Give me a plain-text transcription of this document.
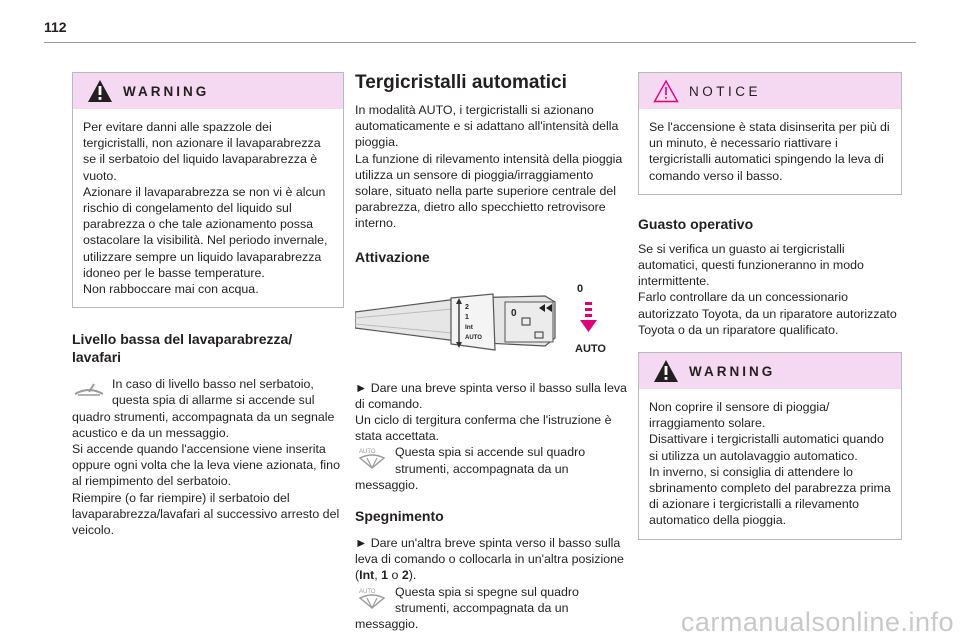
112
WARNING

Per evitare danni alle spazzole dei tergicristalli, non azionare il lavaparabrezza se il serbatoio del liquido lavaparabrezza è vuoto.

Azionare il lavaparabrezza se non vi è alcun rischio di congelamento del liquido sul parabrezza o che tale azionamento possa ostacolare la visibilità. Nel periodo invernale, utilizzare sempre un liquido lavaparabrezza idoneo per le basse temperature.

Non rabboccare mai con acqua.

Livello bassa del lavaparabrezza/ lavafari

In caso di livello basso nel serbatoio, questa spia di allarme si accende sul quadro strumenti, accompagnata da un segnale acustico e da un messaggio.

Si accende quando l'accensione viene inserita oppure ogni volta che la leva viene azionata, fino al riempimento del serbatoio.

Riempire (o far riempire) il serbatoio del lavaparabrezza/lavafari al successivo arresto del veicolo.

Tergicristalli automatici

In modalità AUTO, i tergicristalli si azionano automaticamente e si adattano all'intensità della pioggia.

La funzione di rilevamento intensità della pioggia utilizza un sensore di pioggia/irraggiamento solare, situato nella parte superiore centrale del parabrezza, dietro allo specchietto retrovisore interno.

Attivazione
2
1
Int
AUTO
0
0
AUTO

► Dare una breve spinta verso il basso sulla leva di comando.

Un ciclo di tergitura conferma che l'istruzione è stata accettata.

AUTO	Questa spia si accende sul quadro strumenti, accompagnata da un messaggio.

Spegnimento

► Dare un'altra breve spinta verso il basso sulla leva di comando o collocarla in un'altra posizione (Int, 1 o 2).

AUTO	Questa spia si spegne sul quadro strumenti, accompagnata da un messaggio.

NOTICE

Se l'accensione è stata disinserita per più di un minuto, è necessario riattivare i tergicristalli automatici spingendo la leva di comando verso il basso.

Guasto operativo

Se si verifica un guasto ai tergicristalli automatici, questi funzioneranno in modo intermittente.

Farlo controllare da un concessionario autorizzato Toyota, da un riparatore autorizzato Toyota o da un riparatore qualificato.

WARNING

Non coprire il sensore di pioggia/ irraggiamento solare.

Disattivare i tergicristalli automatici quando si utilizza un autolavaggio automatico.

In inverno, si consiglia di attendere lo sbrinamento completo del parabrezza prima di azionare i tergicristalli a rilevamento automatico della pioggia.

carmanualsonline.info
